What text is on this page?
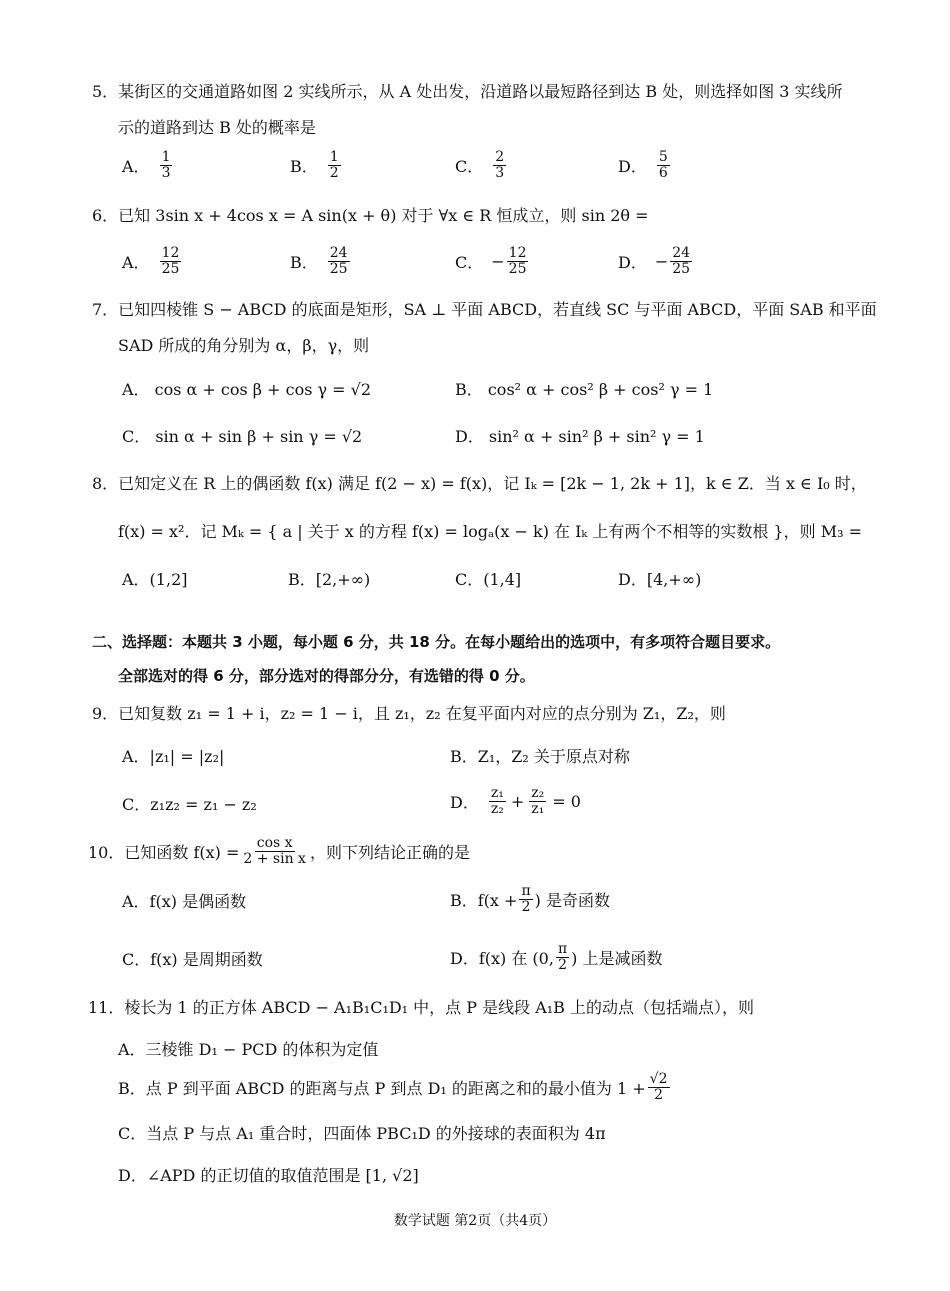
5．某街区的交通道路如图 2 实线所示，从 A 处出发，沿道路以最短路径到达 B 处，则选择如图 3 实线所
示的道路到达 B 处的概率是
A． $\frac{1}{3}$	B． $\frac{1}{2}$	C． $\frac{2}{3}$	D． $\frac{5}{6}$
6．已知 3sin x + 4cos x = A sin(x + θ) 对于 ∀x ∈ R 恒成立，则 sin 2θ =
A． $\frac{12}{25}$	B． $\frac{24}{25}$	C． − $\frac{12}{25}$	D． − $\frac{24}{25}$
7．已知四棱锥 S − ABCD 的底面是矩形，SA ⊥ 平面 ABCD，若直线 SC 与平面 ABCD，平面 SAB 和平面
SAD 所成的角分别为 α，β，γ，则
A． cos α + cos β + cos γ = √2	B． cos² α + cos² β + cos² γ = 1
C． sin α + sin β + sin γ = √2	D． sin² α + sin² β + sin² γ = 1
8．已知定义在 R 上的偶函数 f(x) 满足 f(2 − x) = f(x)，记 Iₖ = [2k − 1, 2k + 1]，k ∈ Z．当 x ∈ I₀ 时，
f(x) = x²．记 Mₖ = { a | 关于 x 的方程 f(x) = logₐ(x − k) 在 Iₖ 上有两个不相等的实数根 }，则 M₃ =
A．(1,2]	B．[2,+∞)	C．(1,4]	D．[4,+∞)
二、选择题：本题共 3 小题，每小题 6 分，共 18 分。在每小题给出的选项中，有多项符合题目要求。
全部选对的得 6 分，部分选对的得部分分，有选错的得 0 分。
9．已知复数 z₁ = 1 + i，z₂ = 1 − i，且 z₁，z₂ 在复平面内对应的点分别为 Z₁，Z₂，则
A．|z₁| = |z₂|	B．Z₁，Z₂ 关于原点对称
C．z₁z₂ = z₁ − z₂	D． $\frac{\text{z₁}}{\text{z₂}} + \frac{\text{z₂}}{\text{z₁}} = 0$
10．已知函数 $f(x) = \frac{\text{cos x}}{\text{2 + sin x}}$ ，则下列结论正确的是
A．f(x) 是偶函数	B．$f(x + \frac{\pi}{2}$ ) 是奇函数
C．f(x) 是周期函数	D．f(x) 在 (0, $\frac{\pi}{2}$ ) 上是减函数
11．棱长为 1 的正方体 ABCD − A₁B₁C₁D₁ 中，点 P 是线段 A₁B 上的动点（包括端点），则
A．三棱锥 D₁ − PCD 的体积为定值
B．点 P 到平面 ABCD 的距离与点 P 到点 D₁ 的距离之和的最小值为 $1 + \frac{√2}{2}$
C．当点 P 与点 A₁ 重合时，四面体 PBC₁D 的外接球的表面积为 4π
D．∠APD 的正切值的取值范围是 [1, √2]
数学试题 第2页（共4页）
